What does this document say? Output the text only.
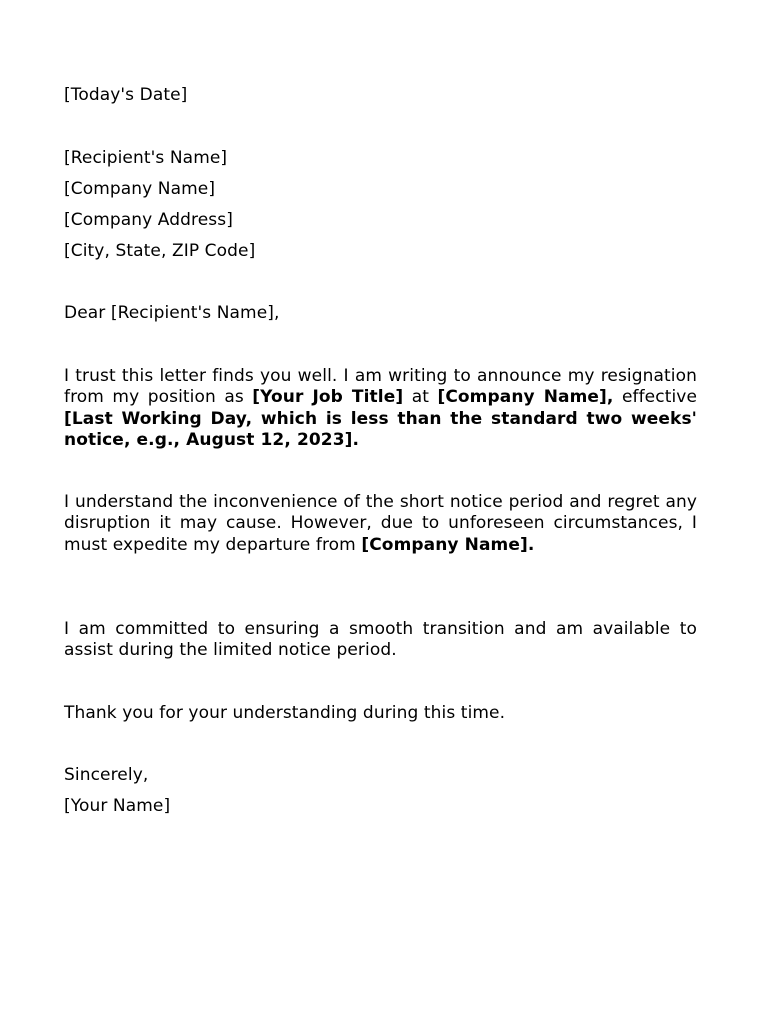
[Today's Date]
[Recipient's Name]
[Company Name]
[Company Address]
[City, State, ZIP Code]
Dear [Recipient's Name],
I trust this letter finds you well. I am writing to announce my resignation from my position as [Your Job Title] at [Company Name], effective [Last Working Day, which is less than the standard two weeks' notice, e.g., August 12, 2023].
I understand the inconvenience of the short notice period and regret any disruption it may cause. However, due to unforeseen circumstances, I must expedite my departure from [Company Name].
I am committed to ensuring a smooth transition and am available to assist during the limited notice period.
Thank you for your understanding during this time.
Sincerely,
[Your Name]
